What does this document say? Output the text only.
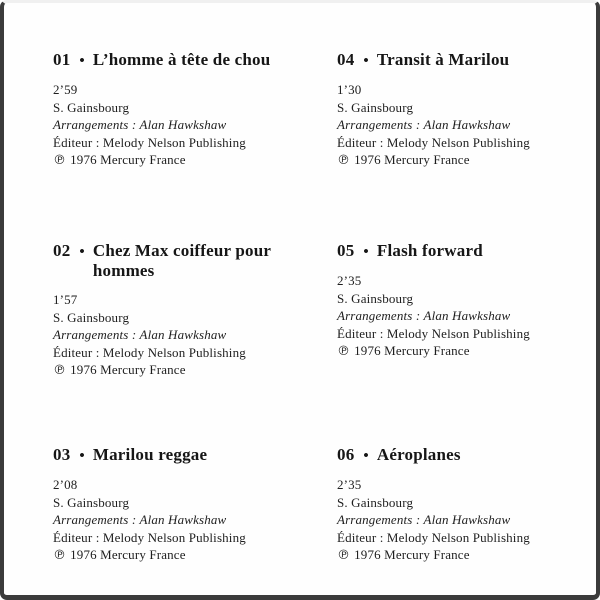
01 • L’homme à tête de chou

2’59

S. Gainsbourg

Arrangements : Alan Hawkshaw

Éditeur : Melody Nelson Publishing

℗ 1976 Mercury France

04 • Transit à Marilou

1’30

S. Gainsbourg

Arrangements : Alan Hawkshaw

Éditeur : Melody Nelson Publishing

℗ 1976 Mercury France

02 • Chez Max coiffeur pour hommes

1’57

S. Gainsbourg

Arrangements : Alan Hawkshaw

Éditeur : Melody Nelson Publishing

℗ 1976 Mercury France

05 • Flash forward

2’35

S. Gainsbourg

Arrangements : Alan Hawkshaw

Éditeur : Melody Nelson Publishing

℗ 1976 Mercury France

03 • Marilou reggae

2’08

S. Gainsbourg

Arrangements : Alan Hawkshaw

Éditeur : Melody Nelson Publishing

℗ 1976 Mercury France

06 • Aéroplanes

2’35

S. Gainsbourg

Arrangements : Alan Hawkshaw

Éditeur : Melody Nelson Publishing

℗ 1976 Mercury France
